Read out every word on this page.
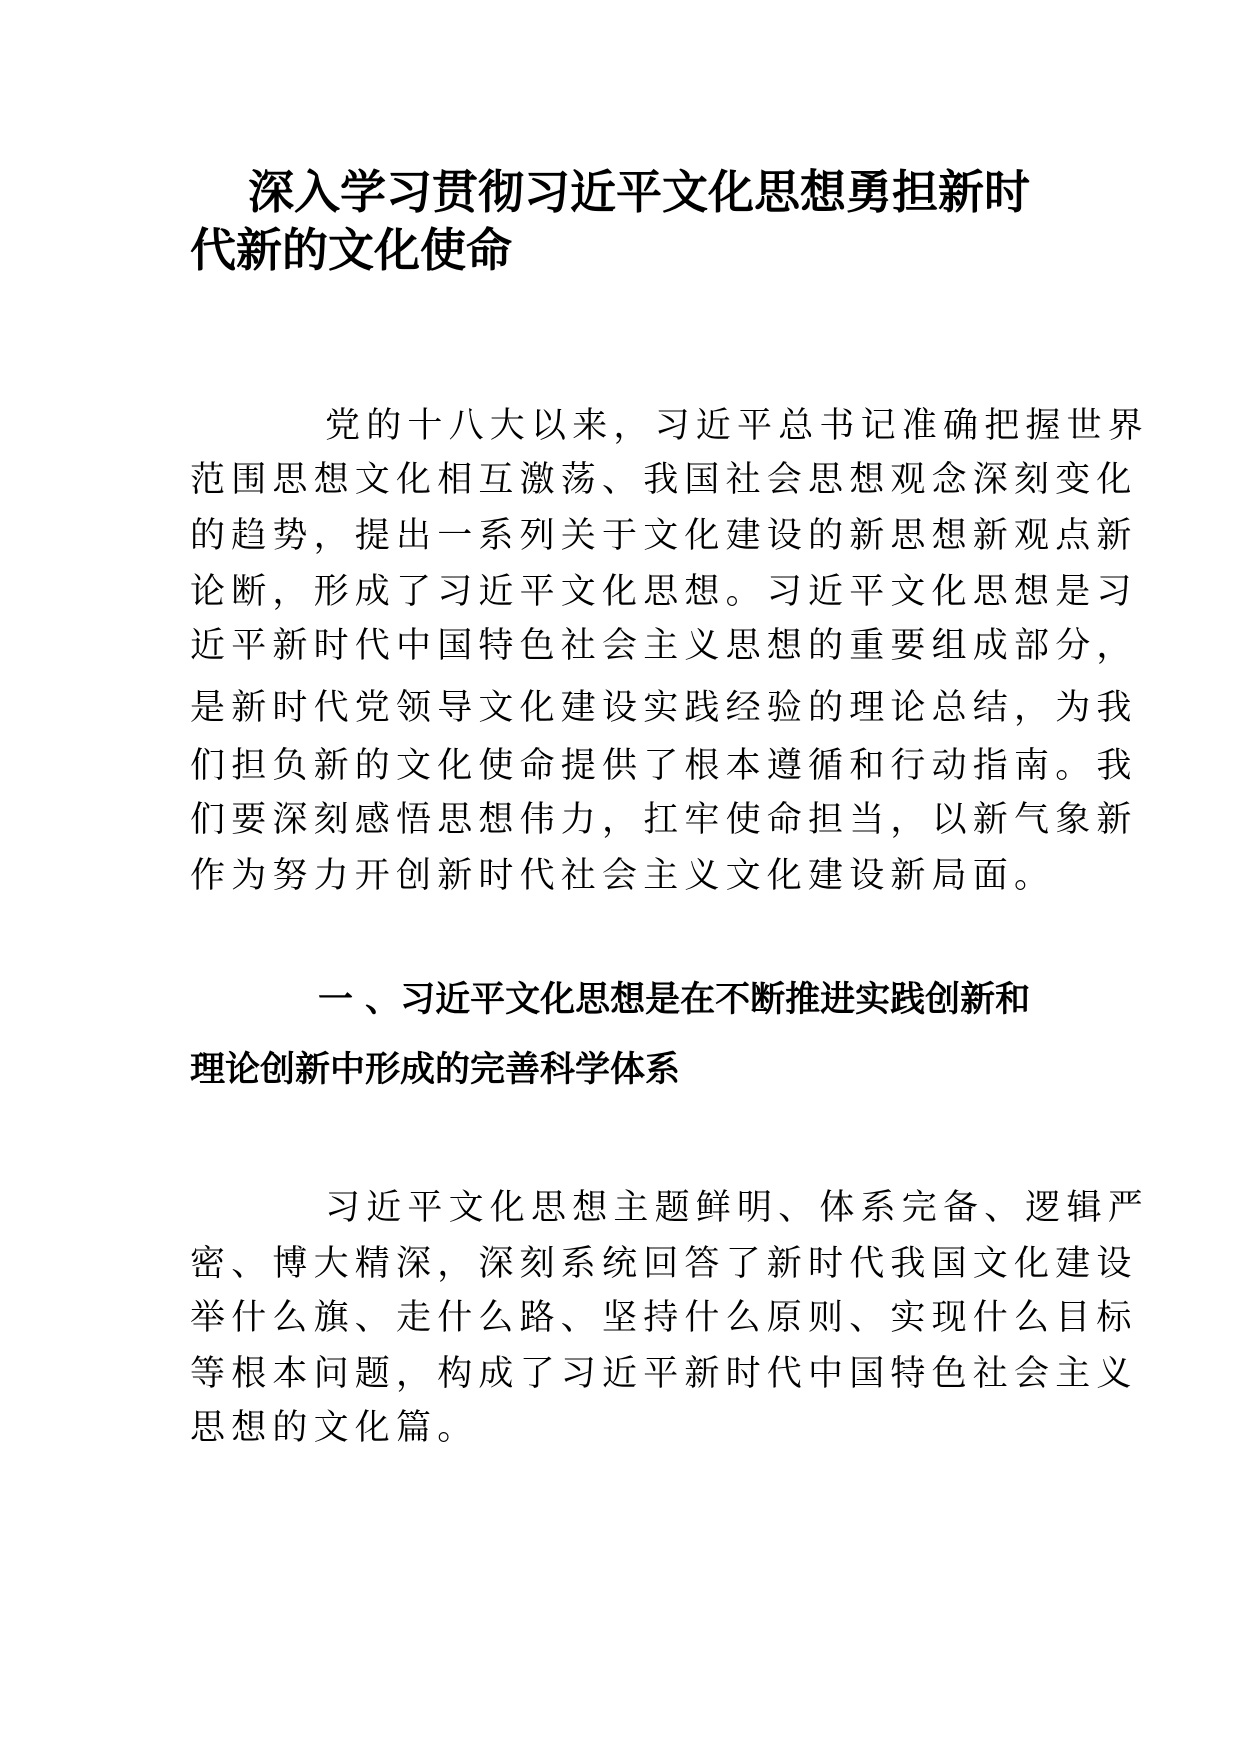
深入学习贯彻习近平文化思想勇担新时

代新的文化使命

党的十八大以来，习近平总书记准确把握世界

范围思想文化相互激荡、我国社会思想观念深刻变化

的趋势，提出一系列关于文化建设的新思想新观点新

论断，形成了习近平文化思想。习近平文化思想是习

近平新时代中国特色社会主义思想的重要组成部分，

是新时代党领导文化建设实践经验的理论总结，为我

们担负新的文化使命提供了根本遵循和行动指南。我

们要深刻感悟思想伟力，扛牢使命担当，以新气象新

作为努力开创新时代社会主义文化建设新局面。

一 、习近平文化思想是在不断推进实践创新和

理论创新中形成的完善科学体系

习近平文化思想主题鲜明、体系完备、逻辑严

密、博大精深，深刻系统回答了新时代我国文化建设

举什么旗、走什么路、坚持什么原则、实现什么目标

等根本问题，构成了习近平新时代中国特色社会主义

思想的文化篇。
